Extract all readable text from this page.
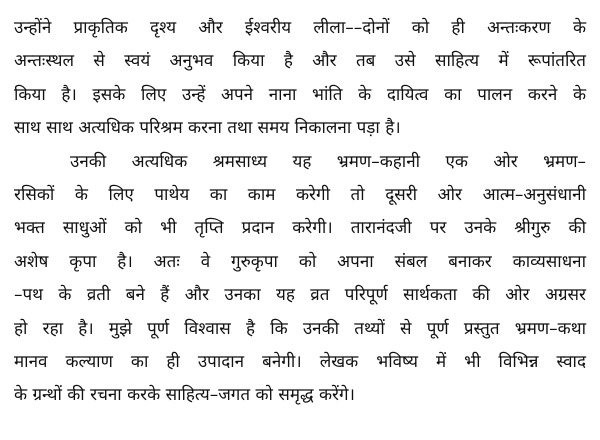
उन्होंने प्राकृतिक दृश्य और ईश्वरीय लीला––दोनों को ही अन्तःकरण के
अन्तःस्थल से स्वयं अनुभव किया है और तब उसे साहित्य में रूपांतरित
किया है। इसके लिए उन्हें अपने नाना भांति के दायित्व का पालन करने के
साथ साथ अत्यधिक परिश्रम करना तथा समय निकालना पड़ा है।

उनकी अत्यधिक श्रमसाध्य यह भ्रमण–कहानी एक ओर भ्रमण–
रसिकों के लिए पाथेय का काम करेगी तो दूसरी ओर आत्म–अनुसंधानी
भक्त साधुओं को भी तृप्ति प्रदान करेगी। तारानंदजी पर उनके श्रीगुरु की
अशेष कृपा है। अतः वे गुरुकृपा को अपना संबल बनाकर काव्यसाधना
–पथ के व्रती बने हैं और उनका यह व्रत परिपूर्ण सार्थकता की ओर अग्रसर
हो रहा है। मुझे पूर्ण विश्वास है कि उनकी तथ्यों से पूर्ण प्रस्तुत भ्रमण–कथा
मानव कल्याण का ही उपादान बनेगी। लेखक भविष्य में भी विभिन्न स्वाद
के ग्रन्थों की रचना करके साहित्य–जगत को समृद्ध करेंगे।
